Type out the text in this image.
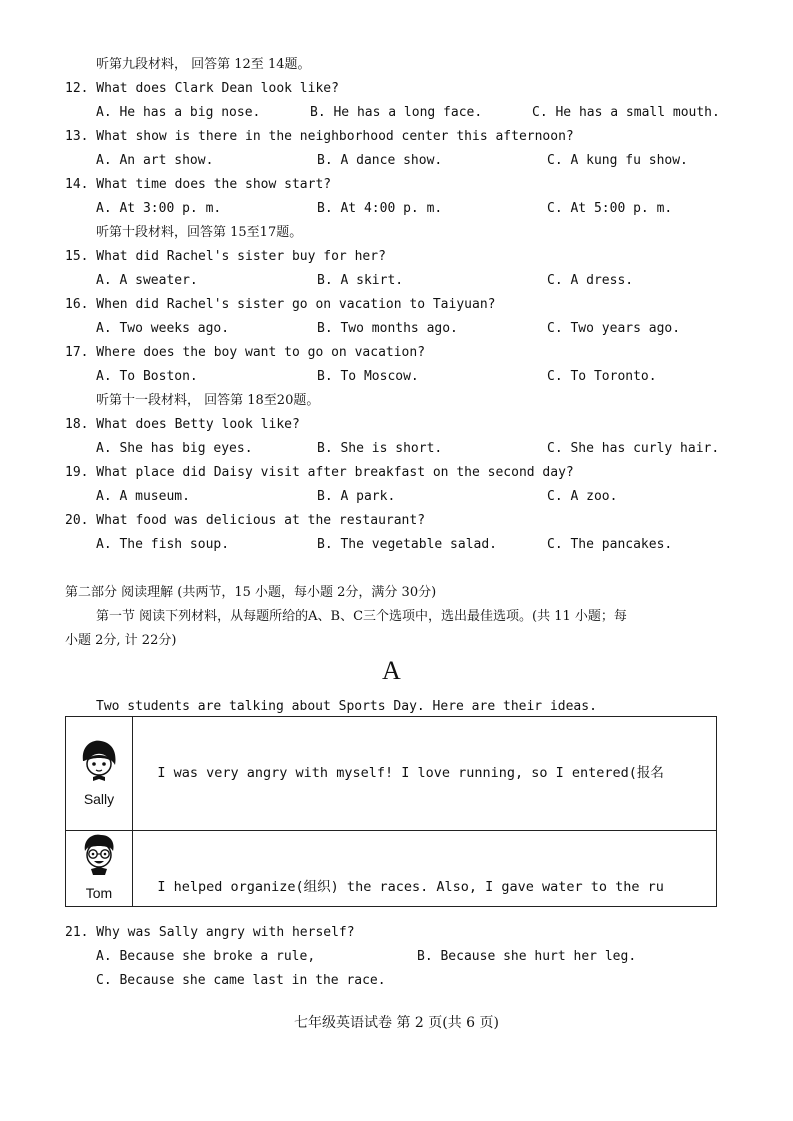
听第九段材料， 回答第 12至 14题。
12. What does Clark Dean look like?
A. He has a big nose.	B. He has a long face.	C. He has a small mouth.
13. What show is there in the neighborhood center this afternoon?
A. An art show.	B. A dance show.	C. A kung fu show.
14. What time does the show start?
A. At 3:00 p. m.	B. At 4:00 p. m.	C. At 5:00 p. m.
听第十段材料，回答第 15至17题。
15. What did Rachel's sister buy for her?
A. A sweater.	B. A skirt.	C. A dress.
16. When did Rachel's sister go on vacation to Taiyuan?
A. Two weeks ago.	B. Two months ago.	C. Two years ago.
17. Where does the boy want to go on vacation?
A. To Boston.	B. To Moscow.	C. To Toronto.
听第十一段材料， 回答第 18至20题。
18. What does Betty look like?
A. She has big eyes.	B. She is short.	C. She has curly hair.
19. What place did Daisy visit after breakfast on the second day?
A. A museum.	B. A park.	C. A zoo.
20. What food was delicious at the restaurant?
A. The fish soup.	B. The vegetable salad.	C. The pancakes.
第二部分 阅读理解 (共两节，15 小题，每小题 2分，满分 30分)
第一节 阅读下列材料，从每题所给的A、B、C三个选项中，选出最佳选项。(共 11 小题；每
小题 2分, 计 22分)
A
Two students are talking about Sports Day. Here are their ideas.
Sally	I was very angry with myself! I love running, so I entered(报名

Tom	I helped organize(组织) the races. Also, I gave water to the ru

21. Why was Sally angry with herself?
A. Because she broke a rule,	B. Because she hurt her leg.
C. Because she came last in the race.
七年级英语试卷 第 2 页(共 6 页)
